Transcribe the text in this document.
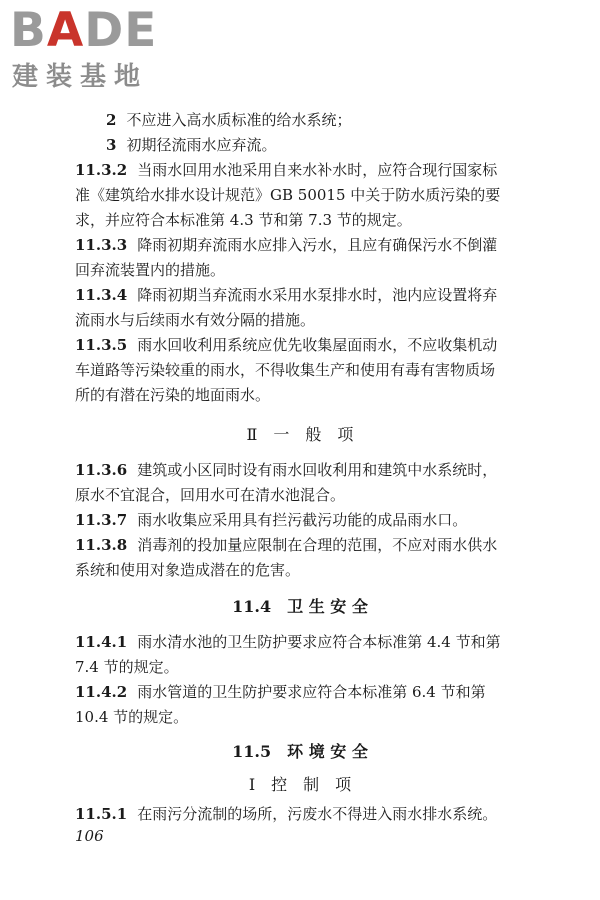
BADE
建装基地
2 不应进入高水质标准的给水系统；
3 初期径流雨水应弃流。
11.3.2 当雨水回用水池采用自来水补水时，应符合现行国家标
准《建筑给水排水设计规范》GB 50015 中关于防水质污染的要
求，并应符合本标准第 4.3 节和第 7.3 节的规定。
11.3.3 降雨初期弃流雨水应排入污水，且应有确保污水不倒灌
回弃流装置内的措施。
11.3.4 降雨初期当弃流雨水采用水泵排水时，池内应设置将弃
流雨水与后续雨水有效分隔的措施。
11.3.5 雨水回收利用系统应优先收集屋面雨水，不应收集机动
车道路等污染较重的雨水，不得收集生产和使用有毒有害物质场
所的有潜在污染的地面雨水。
Ⅱ　一　般　项
11.3.6 建筑或小区同时设有雨水回收利用和建筑中水系统时，
原水不宜混合，回用水可在清水池混合。
11.3.7 雨水收集应采用具有拦污截污功能的成品雨水口。
11.3.8 消毒剂的投加量应限制在合理的范围，不应对雨水供水
系统和使用对象造成潜在的危害。
11.4　卫 生 安 全
11.4.1 雨水清水池的卫生防护要求应符合本标准第 4.4 节和第
7.4 节的规定。
11.4.2 雨水管道的卫生防护要求应符合本标准第 6.4 节和第
10.4 节的规定。
11.5　环 境 安 全
Ⅰ　控　制　项
11.5.1 在雨污分流制的场所，污废水不得进入雨水排水系统。
106
